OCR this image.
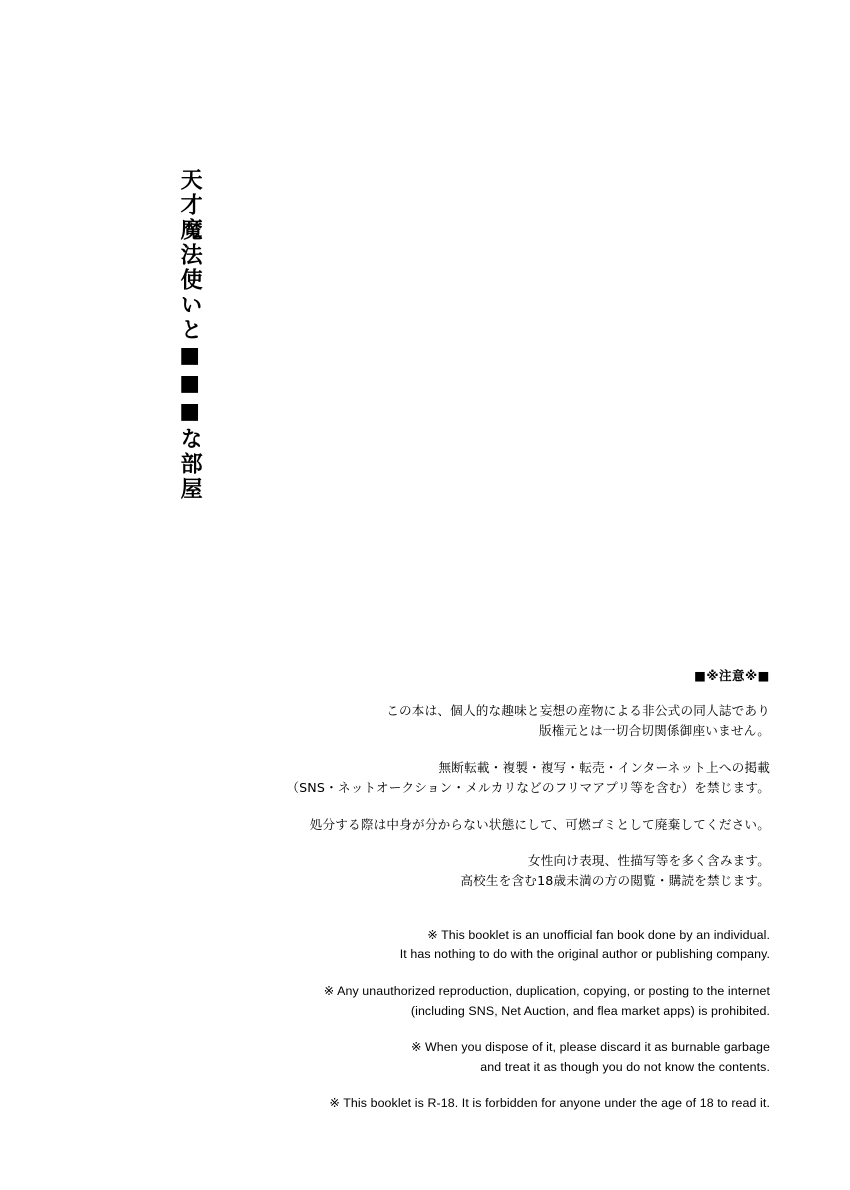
天才魔法使いと■■■な部屋

■※注意※■

この本は、個人的な趣味と妄想の産物による非公式の同人誌であり
版権元とは一切合切関係御座いません。

無断転載・複製・複写・転売・インターネット上への掲載
（SNS・ネットオークション・メルカリなどのフリマアプリ等を含む）を禁じます。

処分する際は中身が分からない状態にして、可燃ゴミとして廃棄してください。

女性向け表現、性描写等を多く含みます。
高校生を含む18歳未満の方の閲覧・購読を禁じます。

※ This booklet is an unofficial fan book done by an individual.
It has nothing to do with the original author or publishing company.

※ Any unauthorized reproduction, duplication, copying, or posting to the internet
(including SNS, Net Auction, and flea market apps) is prohibited.

※ When you dispose of it, please discard it as burnable garbage
and treat it as though you do not know the contents.

※ This booklet is R-18. It is forbidden for anyone under the age of 18 to read it.
